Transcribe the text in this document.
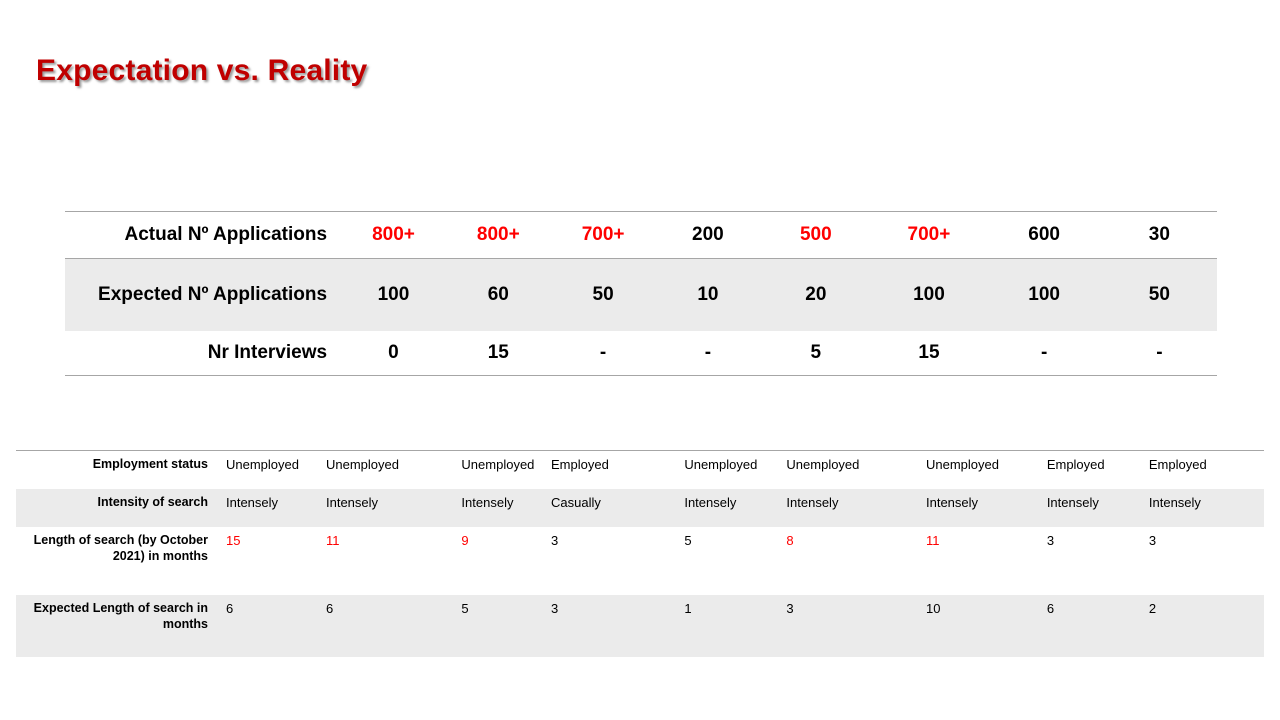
Expectation vs. Reality
Actual Nº Applications	800+	800+	700+	200	500	700+	600	30
Expected Nº Applications	100	60	50	10	20	100	100	50
Nr Interviews	0	15	-	-	5	15	-	-
Employment status	Unemployed	Unemployed	Unemployed	Employed	Unemployed	Unemployed	Unemployed	Employed	Employed
Intensity of search	Intensely	Intensely	Intensely	Casually	Intensely	Intensely	Intensely	Intensely	Intensely
Length of search (by October 2021) in months	15	11	9	3	5	8	11	3	3
Expected Length of search in months	6	6	5	3	1	3	10	6	2
